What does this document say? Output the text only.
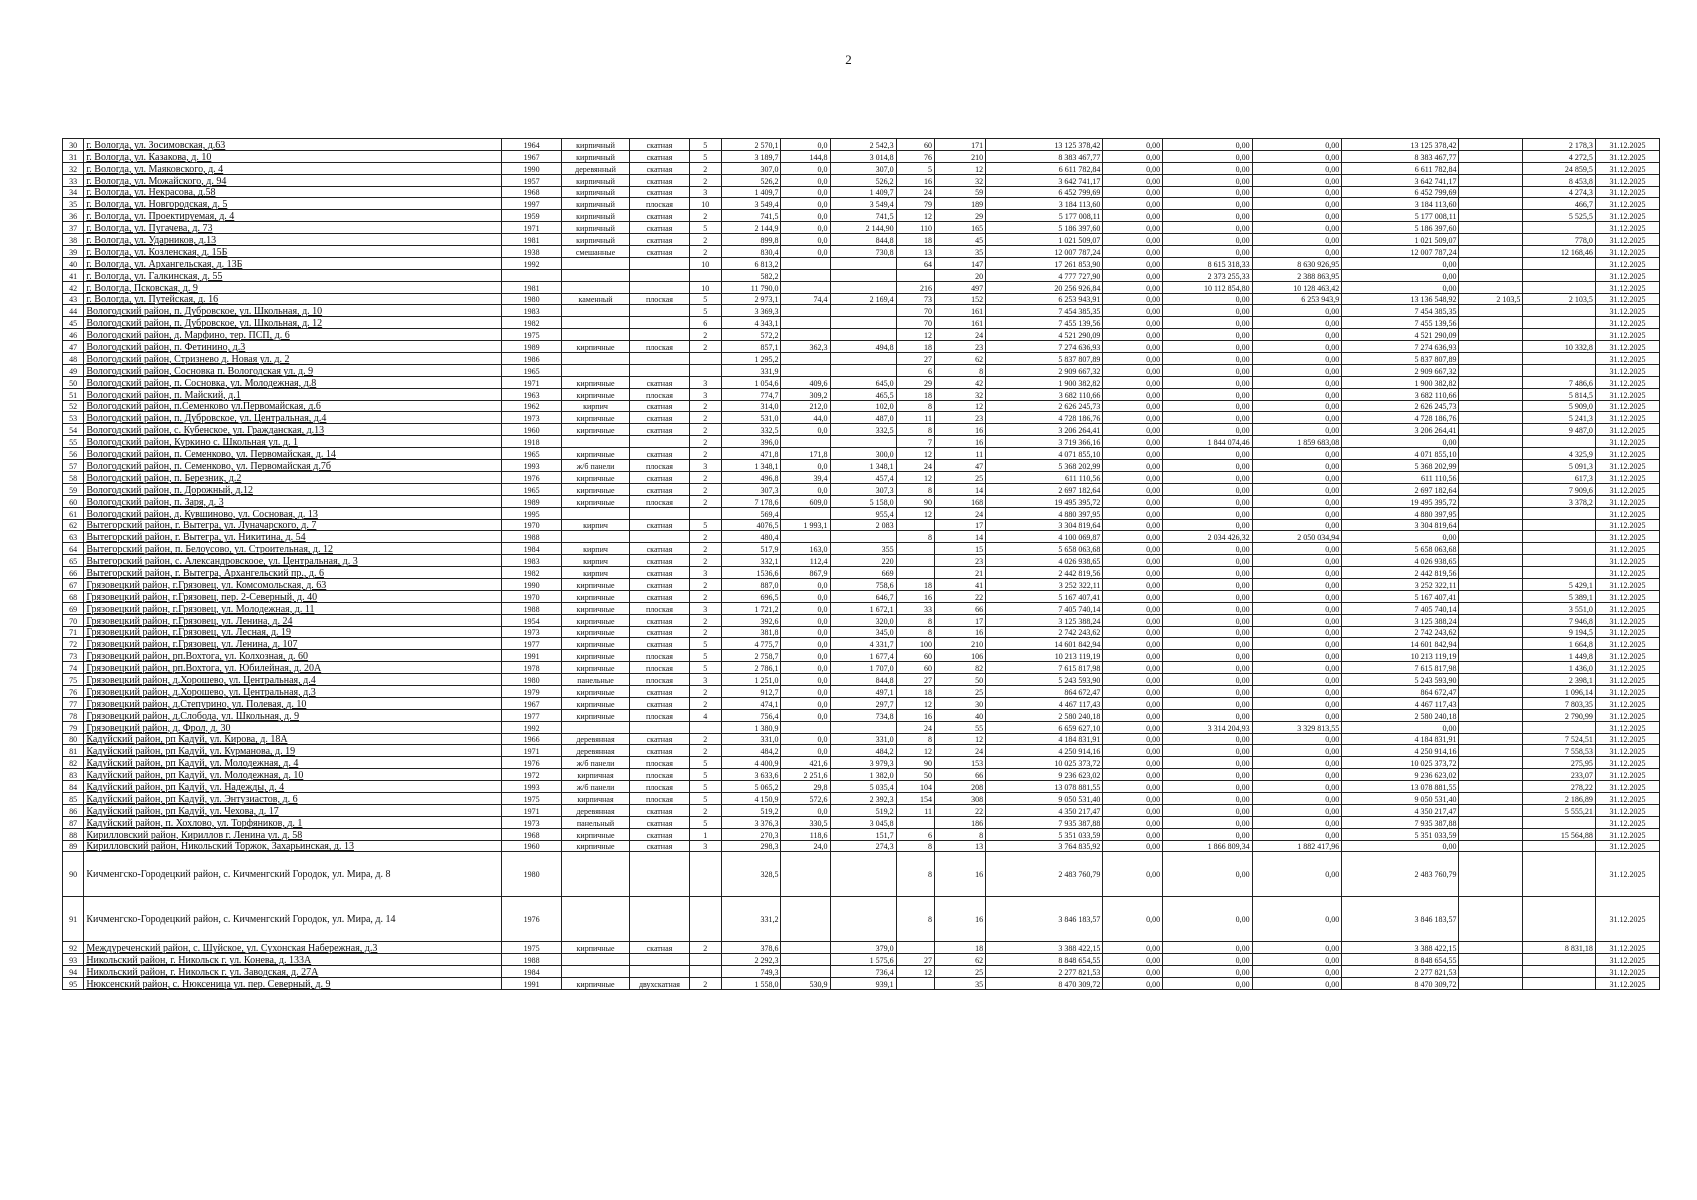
2
30	г. Вологда, ул. Зосимовская, д.63	1964	кирпичный	скатная	5	2 570,1	0,0	2 542,3	60	171	13 125 378,42	0,00	0,00	0,00	13 125 378,42		2 178,3	31.12.2025
31	г. Вологда, ул. Казакова, д. 10	1967	кирпичный	скатная	5	3 189,7	144,8	3 014,8	76	210	8 383 467,77	0,00	0,00	0,00	8 383 467,77		4 272,5	31.12.2025
32	г. Вологда, ул. Маяковского, д. 4	1990	деревянный	скатная	2	307,0	0,0	307,0	5	12	6 611 782,84	0,00	0,00	0,00	6 611 782,84		24 859,5	31.12.2025
33	г. Вологда, ул. Можайского, д. 94	1957	кирпичный	скатная	2	526,2	0,0	526,2	16	32	3 642 741,17	0,00	0,00	0,00	3 642 741,17		8 453,8	31.12.2025
34	г. Вологда, ул. Некрасова, д.58	1968	кирпичный	скатная	3	1 409,7	0,0	1 409,7	24	59	6 452 799,69	0,00	0,00	0,00	6 452 799,69		4 274,3	31.12.2025
35	г. Вологда, ул. Новгородская, д. 5	1997	кирпичный	плоская	10	3 549,4	0,0	3 549,4	79	189	3 184 113,60	0,00	0,00	0,00	3 184 113,60		466,7	31.12.2025
36	г. Вологда, ул. Проектируемая, д. 4	1959	кирпичный	скатная	2	741,5	0,0	741,5	12	29	5 177 008,11	0,00	0,00	0,00	5 177 008,11		5 525,5	31.12.2025
37	г. Вологда, ул. Пугачева, д. 73	1971	кирпичный	скатная	5	2 144,9	0,0	2 144,90	110	165	5 186 397,60	0,00	0,00	0,00	5 186 397,60			31.12.2025
38	г. Вологда, ул. Ударников, д.13	1981	кирпичный	скатная	2	899,8	0,0	844,8	18	45	1 021 509,07	0,00	0,00	0,00	1 021 509,07		778,0	31.12.2025
39	г. Вологда, ул. Козленская, д. 15Б	1938	смешанные	скатная	2	830,4	0,0	730,8	13	35	12 007 787,24	0,00	0,00	0,00	12 007 787,24		12 168,46	31.12.2025
40	г. Вологда, ул. Архангельская, д. 13Б	1992			10	6 813,2			64	147	17 261 853,90	0,00	8 615 318,33	8 630 926,95	0,00			31.12.2025
41	г. Вологда, ул. Галкинская, д. 55					582,2				20	4 777 727,90	0,00	2 373 255,33	2 388 863,95	0,00			31.12.2025
42	г. Вологда, Псковская, д. 9	1981			10	11 790,0			216	497	20 256 926,84	0,00	10 112 854,80	10 128 463,42	0,00			31.12.2025
43	г. Вологда, ул. Путейская, д. 16	1980	каменный	плоская	5	2 973,1	74,4	2 169,4	73	152	6 253 943,91	0,00	0,00	6 253 943,9	13 136 548,92	2 103,5	2 103,5	31.12.2025
44	Вологодский район, п. Дубровское, ул. Школьная, д. 10	1983			5	3 369,3			70	161	7 454 385,35	0,00	0,00	0,00	7 454 385,35			31.12.2025
45	Вологодский район, п. Дубровское, ул. Школьная, д. 12	1982			6	4 343,1			70	161	7 455 139,56	0,00	0,00	0,00	7 455 139,56			31.12.2025
46	Вологодский район, д. Марфино, тер. ПСП, д. 6	1975			2	572,2			12	24	4 521 290,09	0,00	0,00	0,00	4 521 290,09			31.12.2025
47	Вологодский район, п. Фетинино, д.3	1989	кирпичные	плоская	2	857,1	362,3	494,8	18	23	7 274 636,93	0,00	0,00	0,00	7 274 636,93		10 332,8	31.12.2025
48	Вологодский район, Стризнево д. Новая ул. д. 2	1986				1 295,2			27	62	5 837 807,89	0,00	0,00	0,00	5 837 807,89			31.12.2025
49	Вологодский район, Сосновка п. Вологодская ул. д. 9	1965				331,9			6	8	2 909 667,32	0,00	0,00	0,00	2 909 667,32			31.12.2025
50	Вологодский район, п. Сосновка, ул. Молодежная, д.8	1971	кирпичные	скатная	3	1 054,6	409,6	645,0	29	42	1 900 382,82	0,00	0,00	0,00	1 900 382,82		7 486,6	31.12.2025
51	Вологодский район, п. Майский, д.1	1963	кирпичные	плоская	3	774,7	309,2	465,5	18	32	3 682 110,66	0,00	0,00	0,00	3 682 110,66		5 814,5	31.12.2025
52	Вологодский район, п.Семенково ул.Первомайская, д.6	1962	кирпич	скатная	2	314,0	212,0	102,0	8	12	2 626 245,73	0,00	0,00	0,00	2 626 245,73		5 909,0	31.12.2025
53	Вологодский район, п. Дубровское, ул. Центральная, д.4	1973	кирпичные	скатная	2	531,0	44,0	487,0	11	23	4 728 186,76	0,00	0,00	0,00	4 728 186,76		5 241,3	31.12.2025
54	Вологодский район, с. Кубенское, ул. Гражданская, д.13	1960	кирпичные	скатная	2	332,5	0,0	332,5	8	16	3 206 264,41	0,00	0,00	0,00	3 206 264,41		9 487,0	31.12.2025
55	Вологодский район, Куркино с. Школьная ул. д. 1	1918			2	396,0			7	16	3 719 366,16	0,00	1 844 074,46	1 859 683,08	0,00			31.12.2025
56	Вологодский район, п. Семенково, ул. Первомайская, д. 14	1965	кирпичные	скатная	2	471,8	171,8	300,0	12	11	4 071 855,10	0,00	0,00	0,00	4 071 855,10		4 325,9	31.12.2025
57	Вологодский район, п. Семенково, ул. Первомайская д.7б	1993	ж/б панели	плоская	3	1 348,1	0,0	1 348,1	24	47	5 368 202,99	0,00	0,00	0,00	5 368 202,99		5 091,3	31.12.2025
58	Вологодский район, п. Березник, д.2	1976	кирпичные	скатная	2	496,8	39,4	457,4	12	25	611 110,56	0,00	0,00	0,00	611 110,56		617,3	31.12.2025
59	Вологодский район, п. Дорожный, д.12	1965	кирпичные	скатная	2	307,3	0,0	307,3	8	14	2 697 182,64	0,00	0,00	0,00	2 697 182,64		7 909,6	31.12.2025
60	Вологодский район, п. Заря, д. 3	1989	кирпичные	плоская	2	7 178,6	609,0	5 158,0	90	168	19 495 395,72	0,00	0,00	0,00	19 495 395,72		3 378,2	31.12.2025
61	Вологодский район, д. Кувшиново, ул. Сосновая, д. 13	1995				569,4		955,4	12	24	4 880 397,95	0,00	0,00	0,00	4 880 397,95			31.12.2025
62	Вытегорский район, г. Вытегра, ул. Луначарского, д. 7	1970	кирпич	скатная	5	4076,5	1 993,1	2 083		17	3 304 819,64	0,00	0,00	0,00	3 304 819,64			31.12.2025
63	Вытегорский район, г. Вытегра, ул. Никитина, д. 54	1988			2	480,4			8	14	4 100 069,87	0,00	2 034 426,32	2 050 034,94	0,00			31.12.2025
64	Вытегорский район, п. Белоусово, ул. Строительная, д. 12	1984	кирпич	скатная	2	517,9	163,0	355		15	5 658 063,68	0,00	0,00	0,00	5 658 063,68			31.12.2025
65	Вытегорский район, с. Александровскоое, ул. Центральная, д. 3	1983	кирпич	скатная	2	332,1	112,4	220		23	4 026 938,65	0,00	0,00	0,00	4 026 938,65			31.12.2025
66	Вытегорский район, г. Вытегра, Архангельский пр., д. 6	1982	кирпич	скатная	3	1536,6	867,9	669		21	2 442 819,56	0,00	0,00	0,00	2 442 819,56			31.12.2025
67	Грязовецкий район, г.Грязовец, ул. Комсомольская, д. 63	1990	кирпичные	скатная	2	887,0	0,0	758,6	18	41	3 252 322,11	0,00	0,00	0,00	3 252 322,11		5 429,1	31.12.2025
68	Грязовецкий район, г.Грязовец, пер. 2-Северный, д. 40	1970	кирпичные	скатная	2	696,5	0,0	646,7	16	22	5 167 407,41	0,00	0,00	0,00	5 167 407,41		5 389,1	31.12.2025
69	Грязовецкий район, г.Грязовец, ул. Молодежная, д. 11	1988	кирпичные	плоская	3	1 721,2	0,0	1 672,1	33	66	7 405 740,14	0,00	0,00	0,00	7 405 740,14		3 551,0	31.12.2025
70	Грязовецкий район, г.Грязовец, ул. Ленина, д. 24	1954	кирпичные	скатная	2	392,6	0,0	320,0	8	17	3 125 388,24	0,00	0,00	0,00	3 125 388,24		7 946,8	31.12.2025
71	Грязовецкий район, г.Грязовец, ул. Лесная, д. 19	1973	кирпичные	скатная	2	381,8	0,0	345,0	8	16	2 742 243,62	0,00	0,00	0,00	2 742 243,62		9 194,5	31.12.2025
72	Грязовецкий район, г.Грязовец, ул. Ленина, д. 107	1977	кирпичные	скатная	5	4 775,7	0,0	4 331,7	100	210	14 601 842,94	0,00	0,00	0,00	14 601 842,94		1 664,8	31.12.2025
73	Грязовецкий район, рп.Вохтога, ул. Колхозная, д. 60	1991	кирпичные	плоская	5	2 758,7	0,0	1 677,4	60	106	10 213 119,19	0,00	0,00	0,00	10 213 119,19		1 449,8	31.12.2025
74	Грязовецкий район, рп.Вохтога, ул. Юбилейная, д. 20А	1978	кирпичные	плоская	5	2 786,1	0,0	1 707,0	60	82	7 615 817,98	0,00	0,00	0,00	7 615 817,98		1 436,0	31.12.2025
75	Грязовецкий район, д.Хорошево, ул. Центральная, д.4	1980	панельные	плоская	3	1 251,0	0,0	844,8	27	50	5 243 593,90	0,00	0,00	0,00	5 243 593,90		2 398,1	31.12.2025
76	Грязовецкий район, д.Хорошево, ул. Центральная, д.3	1979	кирпичные	скатная	2	912,7	0,0	497,1	18	25	864 672,47	0,00	0,00	0,00	864 672,47		1 096,14	31.12.2025
77	Грязовецкий район, д.Степурино, ул. Полевая, д. 10	1967	кирпичные	скатная	2	474,1	0,0	297,7	12	30	4 467 117,43	0,00	0,00	0,00	4 467 117,43		7 803,35	31.12.2025
78	Грязовецкий район, д.Слобода, ул. Школьная, д. 9	1977	кирпичные	плоская	4	756,4	0,0	734,8	16	40	2 580 240,18	0,00	0,00	0,00	2 580 240,18		2 790,99	31.12.2025
79	Грязовецкий район, д. Фрол, д. 30	1992				1 380,9			24	55	6 659 627,10	0,00	3 314 204,93	3 329 813,55	0,00			31.12.2025
80	Кадуйский район, рп Кадуй, ул. Кирова, д. 18А	1966	деревянная	скатная	2	331,0	0,0	331,0	8	12	4 184 831,91	0,00	0,00	0,00	4 184 831,91		7 524,51	31.12.2025
81	Кадуйский район, рп Кадуй, ул. Курманова, д. 19	1971	деревянная	скатная	2	484,2	0,0	484,2	12	24	4 250 914,16	0,00	0,00	0,00	4 250 914,16		7 558,53	31.12.2025
82	Кадуйский район, рп Кадуй, ул. Молодежная, д. 4	1976	ж/б панели	плоская	5	4 400,9	421,6	3 979,3	90	153	10 025 373,72	0,00	0,00	0,00	10 025 373,72		275,95	31.12.2025
83	Кадуйский район, рп Кадуй, ул. Молодежная, д. 10	1972	кирпичная	плоская	5	3 633,6	2 251,6	1 382,0	50	66	9 236 623,02	0,00	0,00	0,00	9 236 623,02		233,07	31.12.2025
84	Кадуйский район, рп Кадуй, ул. Надежды, д. 4	1993	ж/б панели	плоская	5	5 065,2	29,8	5 035,4	104	208	13 078 881,55	0,00	0,00	0,00	13 078 881,55		278,22	31.12.2025
85	Кадуйский район, рп Кадуй, ул. Энтузиастов, д. 6	1975	кирпичная	плоская	5	4 150,9	572,6	2 392,3	154	308	9 050 531,40	0,00	0,00	0,00	9 050 531,40		2 186,89	31.12.2025
86	Кадуйский район, рп Кадуй, ул. Чехова, д. 17	1971	деревянная	скатная	2	519,2	0,0	519,2	11	22	4 350 217,47	0,00	0,00	0,00	4 350 217,47		5 555,21	31.12.2025
87	Кадуйский район, п. Хохлово, ул. Торфяников, д. 1	1973	панельный	скатная	5	3 376,3	330,5	3 045,8		186	7 935 387,88	0,00	0,00	0,00	7 935 387,88			31.12.2025
88	Кирилловский район, Кириллов г. Ленина ул. д. 58	1968	кирпичные	скатная	1	270,3	118,6	151,7	6	8	5 351 033,59	0,00	0,00	0,00	5 351 033,59		15 564,88	31.12.2025
89	Кирилловский район, Никольский Торжок, Захарьинская, д. 13	1960	кирпичные	скатная	3	298,3	24,0	274,3	8	13	3 764 835,92	0,00	1 866 809,34	1 882 417,96	0,00			31.12.2025
90	Кичменгско-Городецкий район, с. Кичменгский Городок, ул. Мира, д. 8	1980				328,5			8	16	2 483 760,79	0,00	0,00	0,00	2 483 760,79			31.12.2025
91	Кичменгско-Городецкий район, с. Кичменгский Городок, ул. Мира, д. 14	1976				331,2			8	16	3 846 183,57	0,00	0,00	0,00	3 846 183,57			31.12.2025
92	Междуреченский район, с. Шуйское, ул. Сухонская Набережная, д.3	1975	кирпичные	скатная	2	378,6		379,0		18	3 388 422,15	0,00	0,00	0,00	3 388 422,15		8 831,18	31.12.2025
93	Никольский район, г. Никольск г. ул. Конева, д. 133А	1988				2 292,3		1 575,6	27	62	8 848 654,55	0,00	0,00	0,00	8 848 654,55			31.12.2025
94	Никольский район, г. Никольск г. ул. Заводская, д. 27А	1984				749,3		736,4	12	25	2 277 821,53	0,00	0,00	0,00	2 277 821,53			31.12.2025
95	Нюксенский район, с. Нюксеница ул. пер. Северный, д. 9	1991	кирпичные	двухскатная	2	1 558,0	530,9	939,1		35	8 470 309,72	0,00	0,00	0,00	8 470 309,72			31.12.2025
